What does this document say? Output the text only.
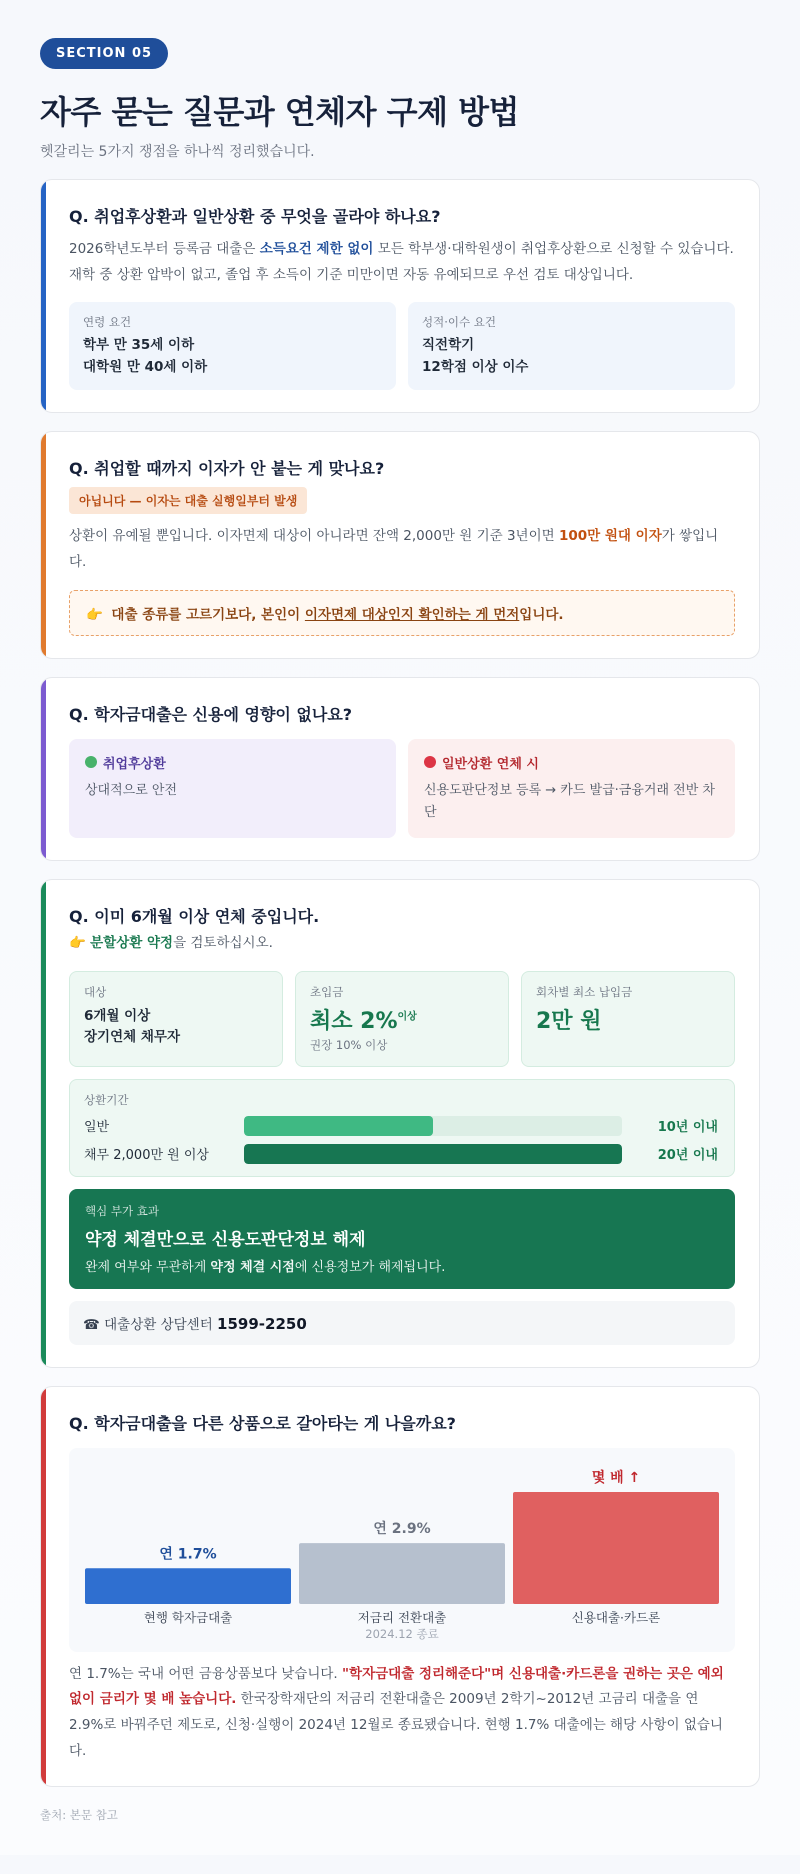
SECTION 05
자주 묻는 질문과 연체자 구제 방법

헷갈리는 5가지 쟁점을 하나씩 정리했습니다.

Q. 취업후상환과 일반상환 중 무엇을 골라야 하나요?

2026학년도부터 등록금 대출은 소득요건 제한 없이 모든 학부생·대학원생이 취업후상환으로 신청할 수 있습니다. 재학 중 상환 압박이 없고, 졸업 후 소득이 기준 미만이면 자동 유예되므로 우선 검토 대상입니다.

연령 요건
학부 만 35세 이하
대학원 만 40세 이하
성적·이수 요건
직전학기
12학점 이상 이수
Q. 취업할 때까지 이자가 안 붙는 게 맞나요?
아닙니다 — 이자는 대출 실행일부터 발생

상환이 유예될 뿐입니다. 이자면제 대상이 아니라면 잔액 2,000만 원 기준 3년이면 100만 원대 이자가 쌓입니다.

👉 대출 종류를 고르기보다, 본인이 이자면제 대상인지 확인하는 게 먼저입니다.
Q. 학자금대출은 신용에 영향이 없나요?
취업후상환
상대적으로 안전
일반상환 연체 시
신용도판단정보 등록 → 카드 발급·금융거래 전반 차단
Q. 이미 6개월 이상 연체 중입니다.

👉 분할상환 약정을 검토하십시오.

대상
6개월 이상
장기연체 채무자
초입금
최소 2%$^{이상}$
권장 10% 이상
회차별 최소 납입금
2만 원
상환기간
일반	10년 이내
채무 2,000만 원 이상	20년 이내
핵심 부가 효과
약정 체결만으로 신용도판단정보 해제
완제 여부와 무관하게 약정 체결 시점에 신용정보가 해제됩니다.
☎ 대출상환 상담센터 1599-2250
Q. 학자금대출을 다른 상품으로 갈아타는 게 나을까요?
연 1.7%
현행 학자금대출
연 2.9%
저금리 전환대출
2024.12 종료
몇 배 ↑
신용대출·카드론

연 1.7%는 국내 어떤 금융상품보다 낮습니다. "학자금대출 정리해준다"며 신용대출·카드론을 권하는 곳은 예외 없이 금리가 몇 배 높습니다. 한국장학재단의 저금리 전환대출은 2009년 2학기~2012년 고금리 대출을 연 2.9%로 바꿔주던 제도로, 신청·실행이 2024년 12월로 종료됐습니다. 현행 1.7% 대출에는 해당 사항이 없습니다.

출처: 본문 참고
